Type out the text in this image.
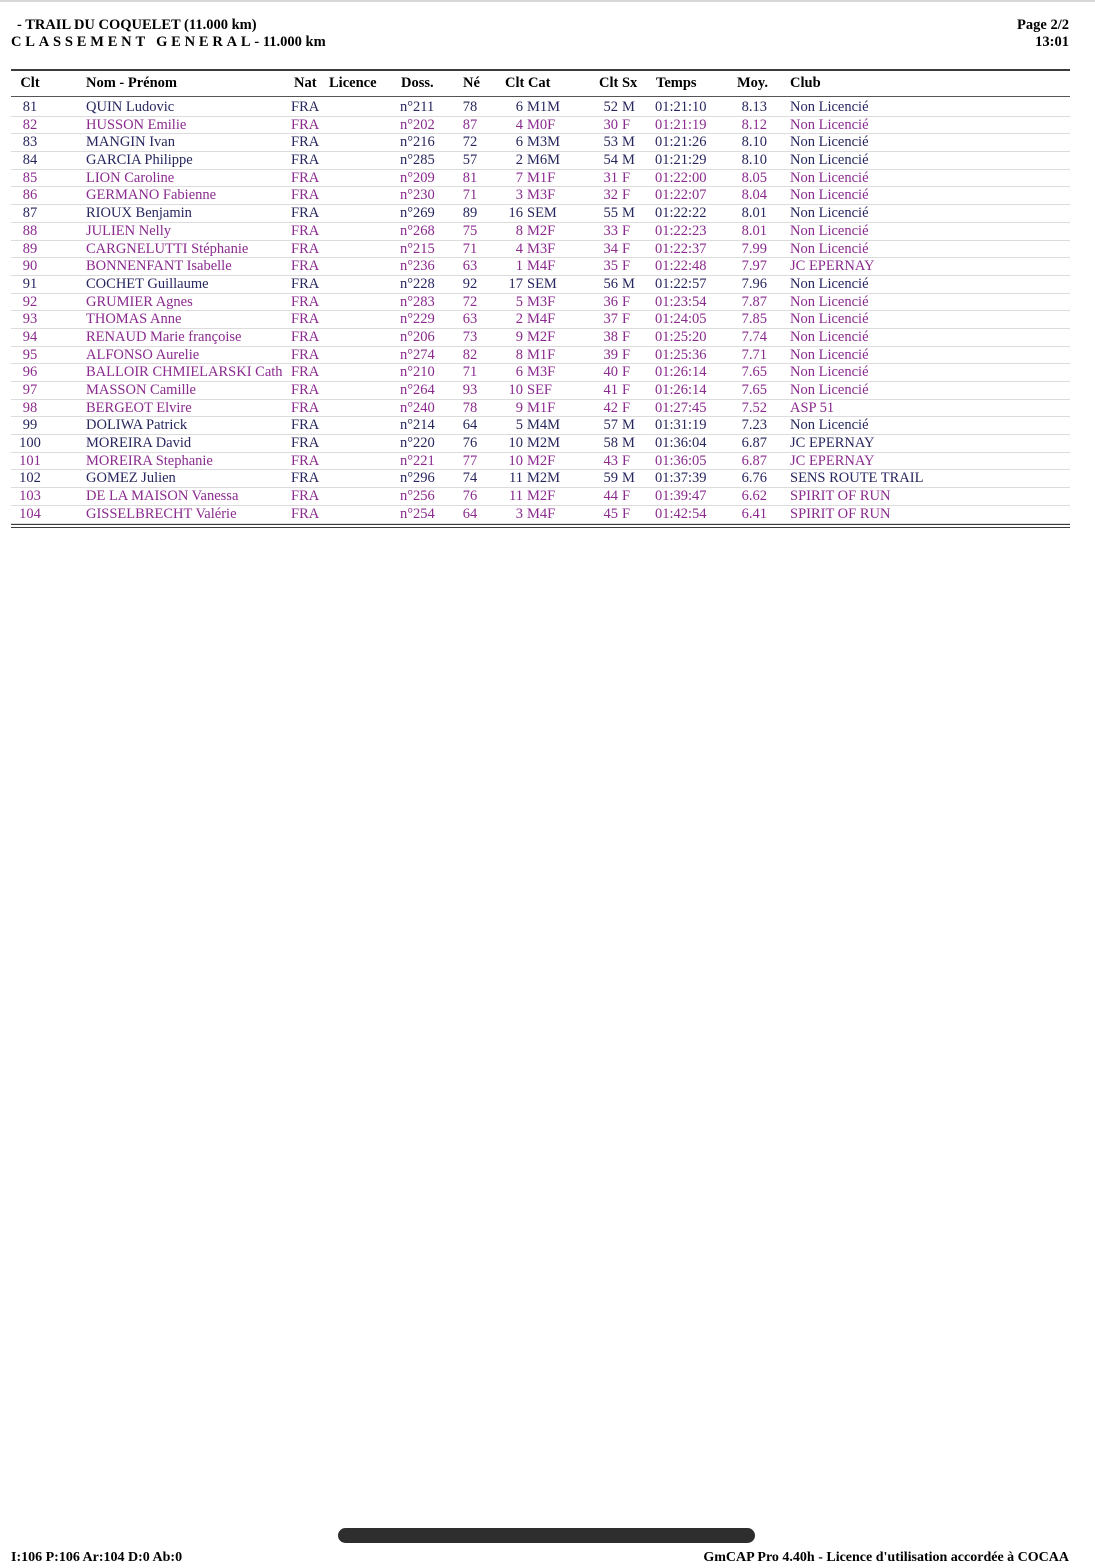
- TRAIL DU COQUELET (11.000 km)
CLASSEMENT GENERAL- 11.000 km
Page 2/2
13:01
Clt	Nom - Prénom	Nat Licence Doss. Né Clt Cat	Clt Sx Temps	Moy. Club
81	QUIN Ludovic	FRA	n°211	78	6 M1M	52 M 01:21:10	8.13 Non Licencié
82	HUSSON Emilie	FRA	n°202	87	4 M0F	30 F 01:21:19	8.12 Non Licencié
83	MANGIN Ivan	FRA	n°216	72	6 M3M	53 M 01:21:26	8.10 Non Licencié
84	GARCIA Philippe	FRA	n°285	57	2 M6M	54 M 01:21:29	8.10 Non Licencié
85	LION Caroline	FRA	n°209	81	7 M1F	31 F 01:22:00	8.05 Non Licencié
86	GERMANO Fabienne	FRA	n°230	71	3 M3F	32 F 01:22:07	8.04 Non Licencié
87	RIOUX Benjamin	FRA	n°269	89	16 SEM	55 M 01:22:22	8.01 Non Licencié
88	JULIEN Nelly	FRA	n°268	75	8 M2F	33 F 01:22:23	8.01 Non Licencié
89	CARGNELUTTI Stéphanie	FRA	n°215	71	4 M3F	34 F 01:22:37	7.99 Non Licencié
90	BONNENFANT Isabelle	FRA	n°236	63	1 M4F	35 F 01:22:48	7.97 JC EPERNAY
91	COCHET Guillaume	FRA	n°228	92	17 SEM	56 M 01:22:57	7.96 Non Licencié
92	GRUMIER Agnes	FRA	n°283	72	5 M3F	36 F 01:23:54	7.87 Non Licencié
93	THOMAS Anne	FRA	n°229	63	2 M4F	37 F 01:24:05	7.85 Non Licencié
94	RENAUD Marie françoise	FRA	n°206	73	9 M2F	38 F 01:25:20	7.74 Non Licencié
95	ALFONSO Aurelie	FRA	n°274	82	8 M1F	39 F 01:25:36	7.71 Non Licencié
96	BALLOIR CHMIELARSKI Cath FRA	n°210	71	6 M3F	40 F 01:26:14	7.65 Non Licencié
97	MASSON Camille	FRA	n°264	93	10 SEF	41 F 01:26:14	7.65 Non Licencié
98	BERGEOT Elvire	FRA	n°240	78	9 M1F	42 F 01:27:45	7.52 ASP 51
99	DOLIWA Patrick	FRA	n°214	64	5 M4M	57 M 01:31:19	7.23 Non Licencié
100	MOREIRA David	FRA	n°220	76	10 M2M	58 M 01:36:04	6.87 JC EPERNAY
101	MOREIRA Stephanie	FRA	n°221	77	10 M2F	43 F 01:36:05	6.87 JC EPERNAY
102	GOMEZ Julien	FRA	n°296	74	11 M2M	59 M 01:37:39	6.76 SENS ROUTE TRAIL
103	DE LA MAISON Vanessa	FRA	n°256	76	11 M2F	44 F 01:39:47	6.62 SPIRIT OF RUN
104	GISSELBRECHT Valérie	FRA	n°254	64	3 M4F	45 F 01:42:54	6.41 SPIRIT OF RUN
I:106 P:106 Ar:104 D:0 Ab:0	GmCAP Pro 4.40h - Licence d'utilisation accordée à COCAA
